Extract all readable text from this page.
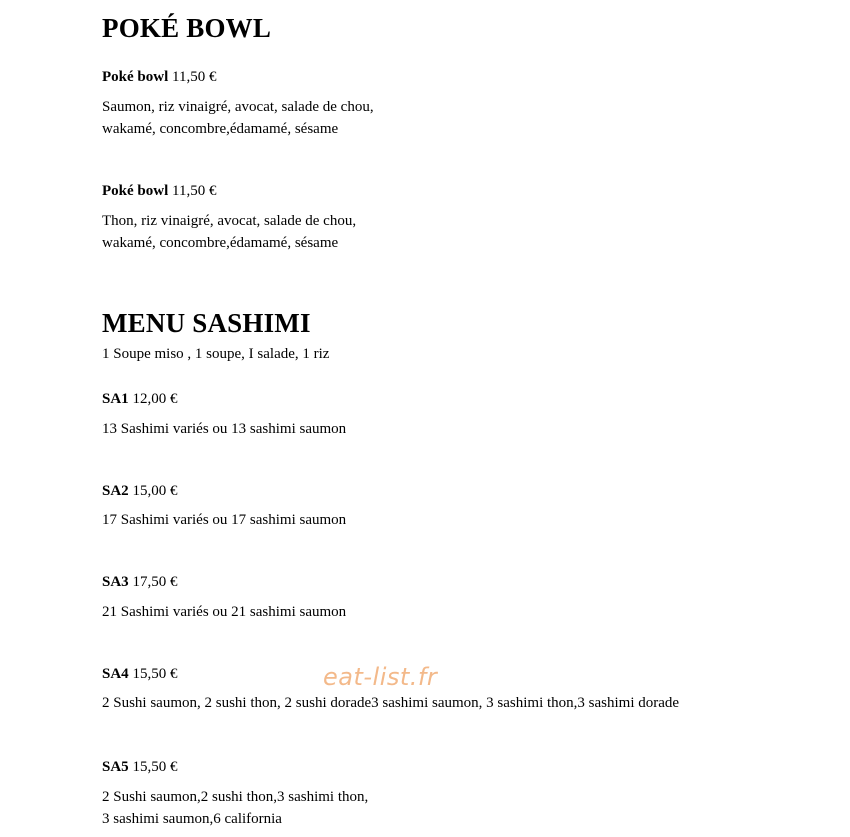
POKÉ BOWL

Poké bowl 11,50 €

Saumon, riz vinaigré, avocat, salade de chou,
wakamé, concombre,édamamé, sésame

Poké bowl 11,50 €

Thon, riz vinaigré, avocat, salade de chou,
wakamé, concombre,édamamé, sésame

MENU SASHIMI
1 Soupe miso , 1 soupe, I salade, 1 riz

SA1 12,00 €

13 Sashimi variés ou 13 sashimi saumon

SA2 15,00 €

17 Sashimi variés ou 17 sashimi saumon

SA3 17,50 €

21 Sashimi variés ou 21 sashimi saumon

SA4 15,50 €

2 Sushi saumon, 2 sushi thon, 2 sushi dorade3 sashimi saumon, 3 sashimi thon,3 sashimi dorade

SA5 15,50 €

2 Sushi saumon,2 sushi thon,3 sashimi thon,
3 sashimi saumon,6 california

eat-list.fr
